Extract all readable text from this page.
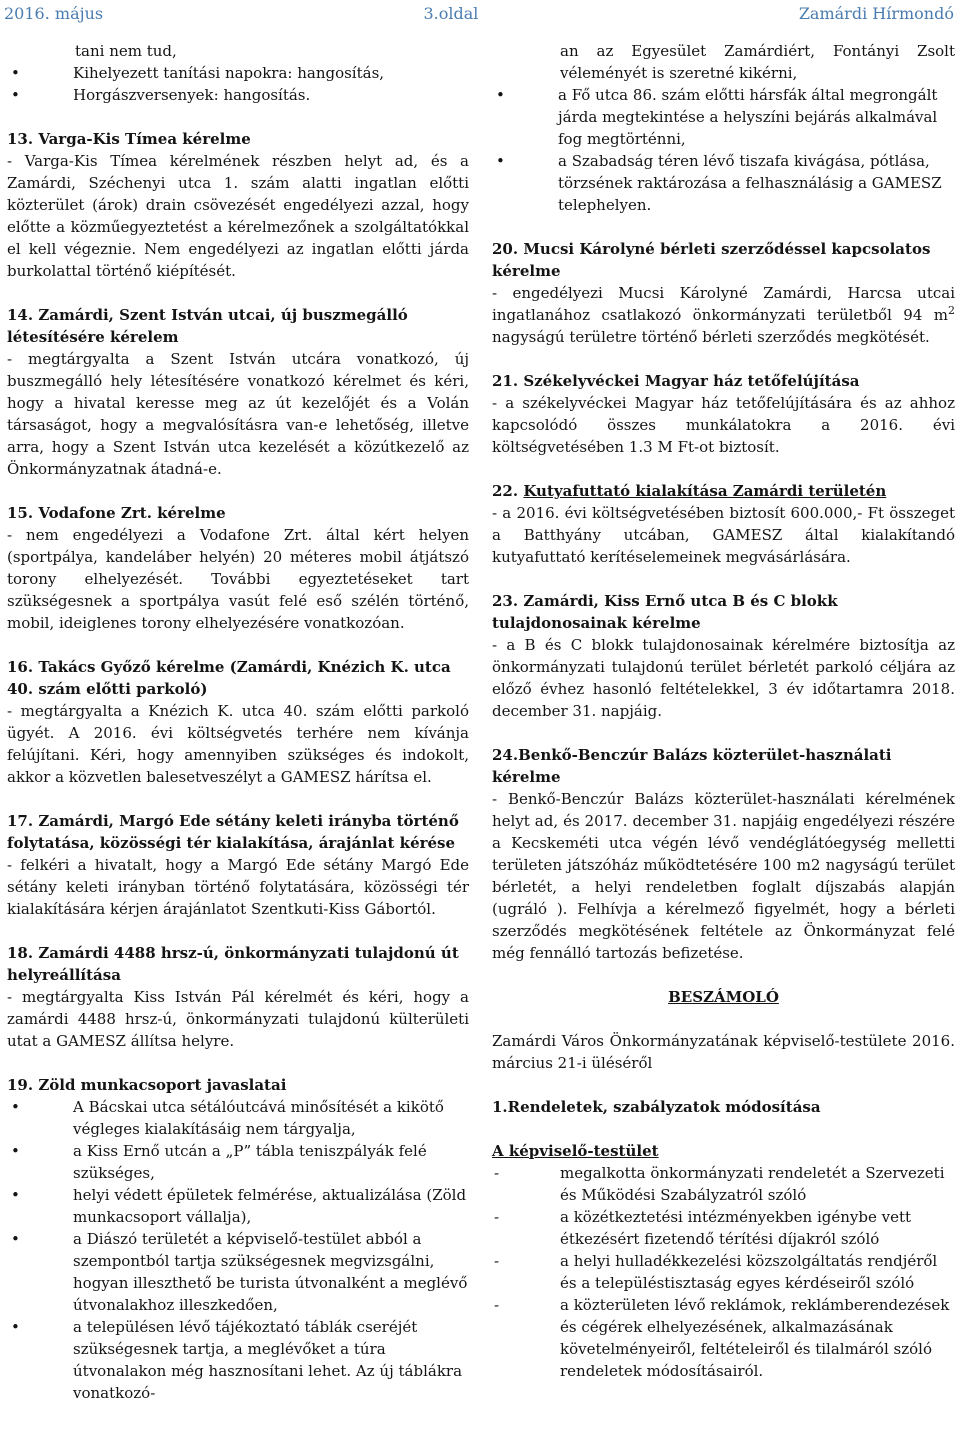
2016. május	3.oldal	Zamárdi Hírmondó

tani nem tud,

• Kihelyezett tanítási napokra: hangosítás,
• Horgászversenyek: hangosítás.

13. Varga-Kis Tímea kérelme

- Varga-Kis Tímea kérelmének részben helyt ad, és a Zamárdi, Széchenyi utca 1. szám alatti ingatlan előtti közterület (árok) drain csövezését engedélyezi azzal, hogy előtte a közműegyeztetést a kérelmezőnek a szolgáltatókkal el kell végeznie. Nem engedélyezi az ingatlan előtti járda burkolattal történő kiépítését.

14. Zamárdi, Szent István utcai, új buszmegálló létesítésére kérelem

- megtárgyalta a Szent István utcára vonatkozó, új buszmegálló hely létesítésére vonatkozó kérelmet és kéri, hogy a hivatal keresse meg az út kezelőjét és a Volán társaságot, hogy a megvalósításra van-e lehetőség, illetve arra, hogy a Szent István utca kezelését a közútkezelő az Önkormányzatnak átadná-e.

15. Vodafone Zrt. kérelme

- nem engedélyezi a Vodafone Zrt. által kért helyen (sportpálya, kandeláber helyén) 20 méteres mobil átjátszó torony elhelyezését. További egyeztetéseket tart szükségesnek a sportpálya vasút felé eső szélén történő, mobil, ideiglenes torony elhelyezésére vonatkozóan.

16. Takács Győző kérelme (Zamárdi, Knézich K. utca 40. szám előtti parkoló)

- megtárgyalta a Knézich K. utca 40. szám előtti parkoló ügyét. A 2016. évi költségvetés terhére nem kívánja felújítani. Kéri, hogy amennyiben szükséges és indokolt, akkor a közvetlen balesetveszélyt a GAMESZ hárítsa el.

17. Zamárdi, Margó Ede sétány keleti irányba történő folytatása, közösségi tér kialakítása, árajánlat kérése

- felkéri a hivatalt, hogy a Margó Ede sétány Margó Ede sétány keleti irányban történő folytatására, közösségi tér kialakítására kérjen árajánlatot Szentkuti-Kiss Gábortól.

18. Zamárdi 4488 hrsz-ú, önkormányzati tulajdonú út helyreállítása

- megtárgyalta Kiss István Pál kérelmét és kéri, hogy a zamárdi 4488 hrsz-ú, önkormányzati tulajdonú külterületi utat a GAMESZ állítsa helyre.

19. Zöld munkacsoport javaslatai

• A Bácskai utca sétálóutcává minősítését a kikötő végleges kialakításáig nem tárgyalja,
• a Kiss Ernő utcán a „P” tábla teniszpályák felé szükséges,
• helyi védett épületek felmérése, aktualizálása (Zöld munkacsoport vállalja),
• a Diászó területét a képviselő-testület abból a szempontból tartja szükségesnek megvizsgálni, hogyan illeszthető be turista útvonalként a meglévő útvonalakhoz illeszkedően,
• a településen lévő tájékoztató táblák cseréjét szükségesnek tartja, a meglévőket a túra útvonalakon még hasznosítani lehet. Az új táblákra vonatkozó-

an az Egyesület Zamárdiért, Fontányi Zsolt véleményét is szeretné kikérni,

• a Fő utca 86. szám előtti hársfák által megrongált járda megtekintése a helyszíni bejárás alkalmával fog megtörténni,
• a Szabadság téren lévő tiszafa kivágása, pótlása, törzsének raktározása a felhasználásig a GAMESZ telephelyen.

20. Mucsi Károlyné bérleti szerződéssel kapcsolatos kérelme

- engedélyezi Mucsi Károlyné Zamárdi, Harcsa utcai ingatlanához csatlakozó önkormányzati területből 94 $m^2$ nagyságú területre történő bérleti szerződés megkötését.

21. Székelyvéckei Magyar ház tetőfelújítása

- a székelyvéckei Magyar ház tetőfelújítására és az ahhoz kapcsolódó összes munkálatokra a 2016. évi költségvetésében 1.3 M Ft-ot biztosít.

22. Kutyafuttató kialakítása Zamárdi területén

- a 2016. évi költségvetésében biztosít 600.000,- Ft összeget a Batthyány utcában, GAMESZ által kialakítandó kutyafuttató kerítéselemeinek megvásárlására.

23. Zamárdi, Kiss Ernő utca B és C blokk tulajdonosainak kérelme

- a B és C blokk tulajdonosainak kérelmére biztosítja az önkormányzati tulajdonú terület bérletét parkoló céljára az előző évhez hasonló feltételekkel, 3 év időtartamra 2018. december 31. napjáig.

24.Benkő-Benczúr Balázs közterület-használati kérelme

- Benkő-Benczúr Balázs közterület-használati kérelmének helyt ad, és 2017. december 31. napjáig engedélyezi részére a Kecskeméti utca végén lévő vendéglátóegység melletti területen játszóház működtetésére 100 m2 nagyságú terület bérletét, a helyi rendeletben foglalt díjszabás alapján (ugráló ). Felhívja a kérelmező figyelmét, hogy a bérleti szerződés megkötésének feltétele az Önkormányzat felé még fennálló tartozás befizetése.

BESZÁMOLÓ

Zamárdi Város Önkormányzatának képviselő-testülete 2016. március 21-i üléséről

1.Rendeletek, szabályzatok módosítása

A képviselő-testület

-	megalkotta önkormányzati rendeletét a Szervezeti és Működési Szabályzatról szóló

-	a közétkeztetési intézményekben igénybe vett étkezésért fizetendő térítési díjakról szóló

-	a helyi hulladékkezelési közszolgáltatás rendjéről és a településtisztaság egyes kérdéseiről szóló

-	a közterületen lévő reklámok, reklámberendezések és cégérek elhelyezésének, alkalmazásának követelményeiről, feltételeiről és tilalmáról szóló rendeletek módosításairól.
